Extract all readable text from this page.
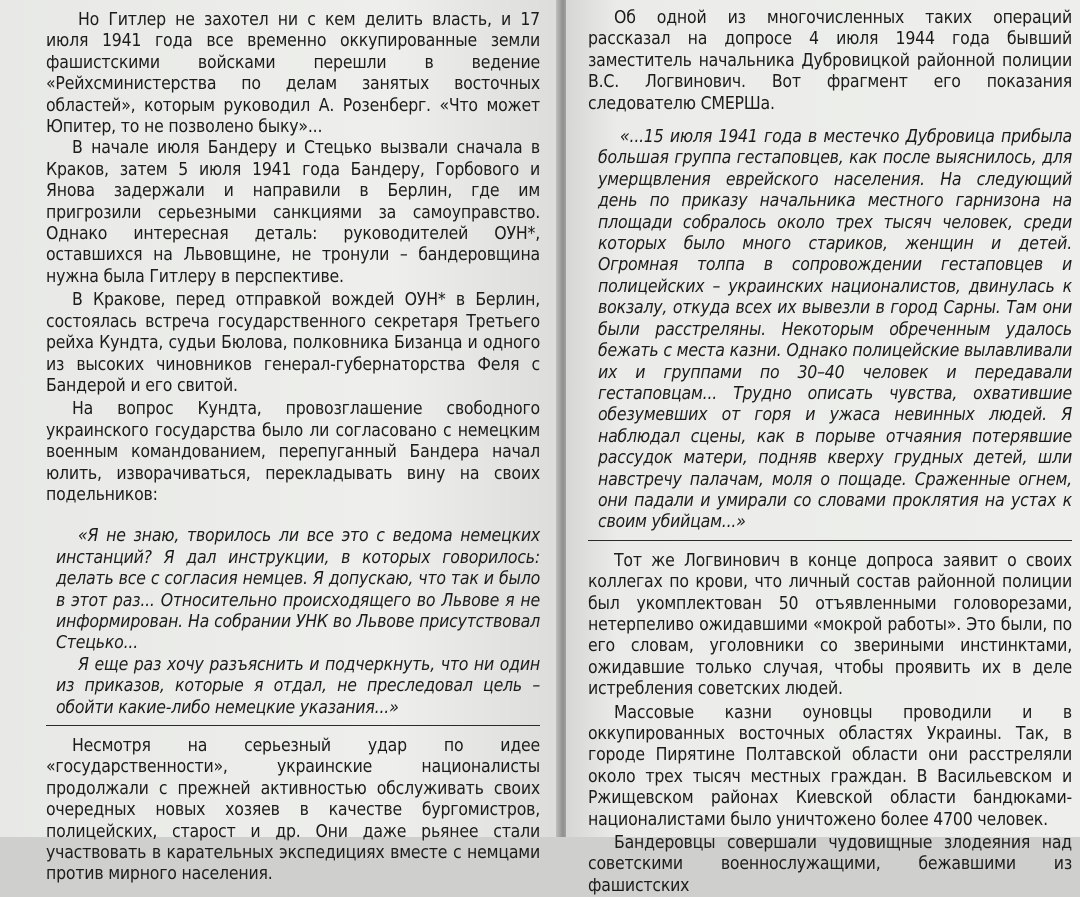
Но Гитлер не захотел ни с кем делить власть, и 17 июля 1941 года все временно оккупированные земли фашистскими войсками перешли в ведение «Рейхсминистерства по делам занятых восточных областей», которым руководил А. Розенберг. «Что может Юпитер, то не позволено быку»...

В начале июля Бандеру и Стецько вызвали сначала в Краков, затем 5 июля 1941 года Бандеру, Горбового и Янова задержали и направили в Берлин, где им пригрозили серьезными санкциями за самоуправство. Однако интересная деталь: руководителей ОУН*, оставшихся на Львовщине, не тронули – бандеровщина нужна была Гитлеру в перспективе.

В Кракове, перед отправкой вождей ОУН* в Берлин, состоялась встреча государственного секретаря Третьего рейха Кундта, судьи Бюлова, полковника Бизанца и одного из высоких чиновников генерал-губернаторства Феля с Бандерой и его свитой.

На вопрос Кундта, провозглашение свободного украинского государства было ли согласовано с немецким военным командованием, перепуганный Бандера начал юлить, изворачиваться, перекладывать вину на своих подельников:

«Я не знаю, творилось ли все это с ведома немецких инстанций? Я дал инструкции, в которых говорилось: делать все с согласия немцев. Я допускаю, что так и было в этот раз... Относительно происходящего во Львове я не информирован. На собрании УНК во Львове присутствовал Стецько...

Я еще раз хочу разъяснить и подчеркнуть, что ни один из приказов, которые я отдал, не преследовал цель – обойти какие-либо немецкие указания...»

Несмотря на серьезный удар по идее «государственности», украинские националисты продолжали с прежней активностью обслуживать своих очередных новых хозяев в качестве бургомистров, полицейских, старост и др. Они даже рьянее стали участвовать в карательных экспедициях вместе с немцами против мирного населения.

Об одной из многочисленных таких операций рассказал на допросе 4 июля 1944 года бывший заместитель начальника Дубровицкой районной полиции В.С. Логвинович. Вот фрагмент его показания следователю СМЕРШа.

«...15 июля 1941 года в местечко Дубровица прибыла большая группа гестаповцев, как после выяснилось, для умерщвления еврейского населения. На следующий день по приказу начальника местного гарнизона на площади собралось около трех тысяч человек, среди которых было много стариков, женщин и детей. Огромная толпа в сопровождении гестаповцев и полицейских – украинских националистов, двинулась к вокзалу, откуда всех их вывезли в город Сарны. Там они были расстреляны. Некоторым обреченным удалось бежать с места казни. Однако полицейские вылавливали их и группами по 30–40 человек и передавали гестаповцам... Трудно описать чувства, охватившие обезумевших от горя и ужаса невинных людей. Я наблюдал сцены, как в порыве отчаяния потерявшие рассудок матери, подняв кверху грудных детей, шли навстречу палачам, моля о пощаде. Сраженные огнем, они падали и умирали со словами проклятия на устах к своим убийцам...»

Тот же Логвинович в конце допроса заявит о своих коллегах по крови, что личный состав районной полиции был укомплектован 50 отъявленными головорезами, нетерпеливо ожидавшими «мокрой работы». Это были, по его словам, уголовники со звериными инстинктами, ожидавшие только случая, чтобы проявить их в деле истребления советских людей.

Массовые казни оуновцы проводили и в оккупированных восточных областях Украины. Так, в городе Пирятине Полтавской области они расстреляли около трех тысяч местных граждан. В Васильевском и Ржищевском районах Киевской области бандюками-националистами было уничтожено более 4700 человек.

Бандеровцы совершали чудовищные злодеяния над советскими военнослужащими, бежавшими из фашистских
